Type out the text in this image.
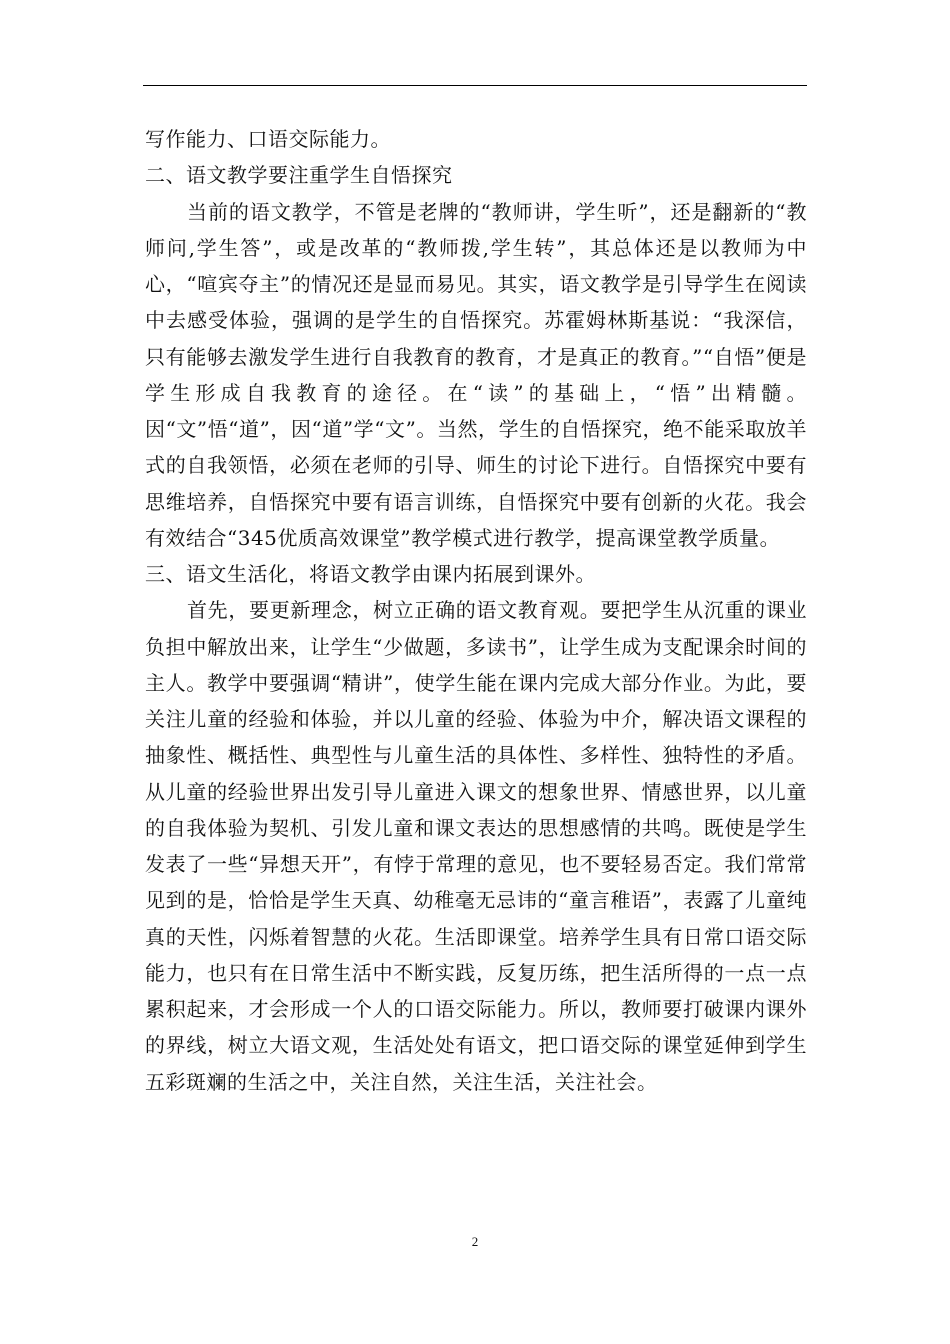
写作能力、口语交际能力。

二、语文教学要注重学生自悟探究

当前的语文教学，不管是老牌的“教师讲，学生听”，还是翻新的“教师问,学生答”，或是改革的“教师拨,学生转”，其总体还是以教师为中心，“喧宾夺主”的情况还是显而易见。其实，语文教学是引导学生在阅读中去感受体验，强调的是学生的自悟探究。苏霍姆林斯基说：“我深信，只有能够去激发学生进行自我教育的教育，才是真正的教育。”“自悟”便是学生形成自我教育的途径。在“读”的基础上，“悟”出精髓。因“文”悟“道”，因“道”学“文”。当然，学生的自悟探究，绝不能采取放羊式的自我领悟，必须在老师的引导、师生的讨论下进行。自悟探究中要有思维培养，自悟探究中要有语言训练，自悟探究中要有创新的火花。我会有效结合“345优质高效课堂”教学模式进行教学，提高课堂教学质量。

三、语文生活化，将语文教学由课内拓展到课外。

首先，要更新理念，树立正确的语文教育观。要把学生从沉重的课业负担中解放出来，让学生“少做题，多读书”，让学生成为支配课余时间的主人。教学中要强调“精讲”，使学生能在课内完成大部分作业。为此，要关注儿童的经验和体验，并以儿童的经验、体验为中介，解决语文课程的抽象性、概括性、典型性与儿童生活的具体性、多样性、独特性的矛盾。从儿童的经验世界出发引导儿童进入课文的想象世界、情感世界，以儿童的自我体验为契机、引发儿童和课文表达的思想感情的共鸣。既使是学生发表了一些“异想天开”，有悖于常理的意见，也不要轻易否定。我们常常见到的是，恰恰是学生天真、幼稚毫无忌讳的“童言稚语”，表露了儿童纯真的天性，闪烁着智慧的火花。生活即课堂。培养学生具有日常口语交际能力，也只有在日常生活中不断实践，反复历练，把生活所得的一点一点累积起来，才会形成一个人的口语交际能力。所以，教师要打破课内课外的界线，树立大语文观，生活处处有语文，把口语交际的课堂延伸到学生五彩斑斓的生活之中，关注自然，关注生活，关注社会。

2
